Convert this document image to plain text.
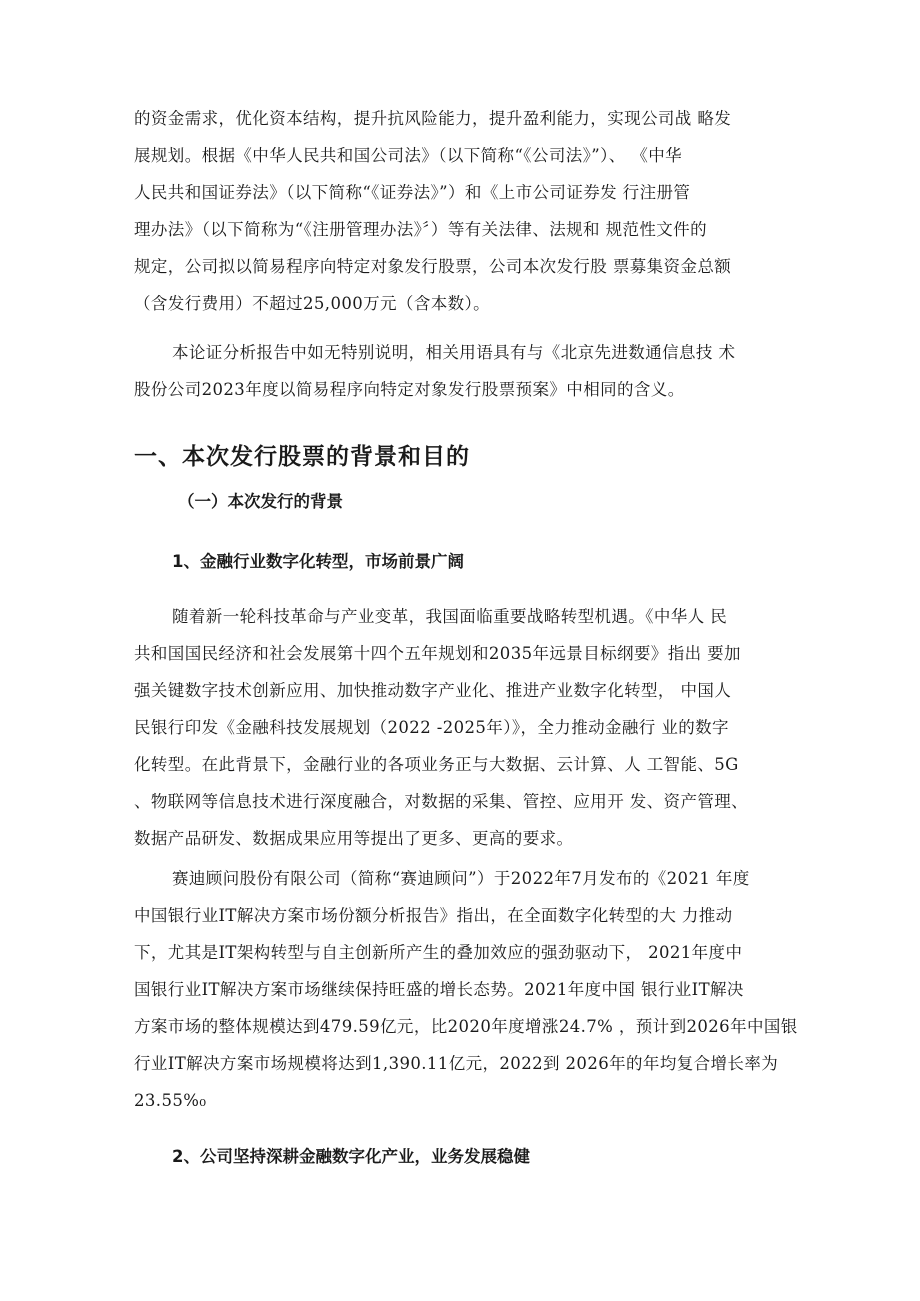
的资金需求，优化资本结构，提升抗风险能力，提升盈利能力，实现公司战 略发
展规划。根据《中华人民共和国公司法》（以下简称“《公司法》”）、 《中华
人民共和国证券法》（以下简称“《证券法》”）和《上市公司证券发 行注册管
理办法》（以下简称为“《注册管理办法》〞）等有关法律、法规和 规范性文件的
规定，公司拟以简易程序向特定对象发行股票，公司本次发行股 票募集资金总额
（含发行费用）不超过25,000万元（含本数）。
本论证分析报告中如无特别说明，相关用语具有与《北京先进数通信息技 术
股份公司2023年度以简易程序向特定对象发行股票预案》中相同的含义。
一、本次发行股票的背景和目的
（一）本次发行的背景
1、金融行业数字化转型，市场前景广阔
随着新一轮科技革命与产业变革，我国面临重要战略转型机遇。《中华人 民
共和国国民经济和社会发展第十四个五年规划和2035年远景目标纲要》指出 要加
强关键数字技术创新应用、加快推动数字产业化、推进产业数字化转型， 中国人
民银行印发《金融科技发展规划（2022 -2025年）》，全力推动金融行 业的数字
化转型。在此背景下，金融行业的各项业务正与大数据、云计算、人 工智能、5G
、物联网等信息技术进行深度融合，对数据的采集、管控、应用开 发、资产管理、
数据产品研发、数据成果应用等提出了更多、更高的要求。
赛迪顾问股份有限公司（简称“赛迪顾问”）于2022年7月发布的《2021 年度
中国银行业IT解决方案市场份额分析报告》指出，在全面数字化转型的大 力推动
下，尤其是IT架构转型与自主创新所产生的叠加效应的强劲驱动下， 2021年度中
国银行业IT解决方案市场继续保持旺盛的增长态势。2021年度中国 银行业IT解决
方案市场的整体规模达到479.59亿元，比2020年度增涨24.7% ，预计到2026年中国银
行业IT解决方案市场规模将达到1,390.11亿元，2022到 2026年的年均复合增长率为
23.55%₀
2、公司坚持深耕金融数字化产业，业务发展稳健
